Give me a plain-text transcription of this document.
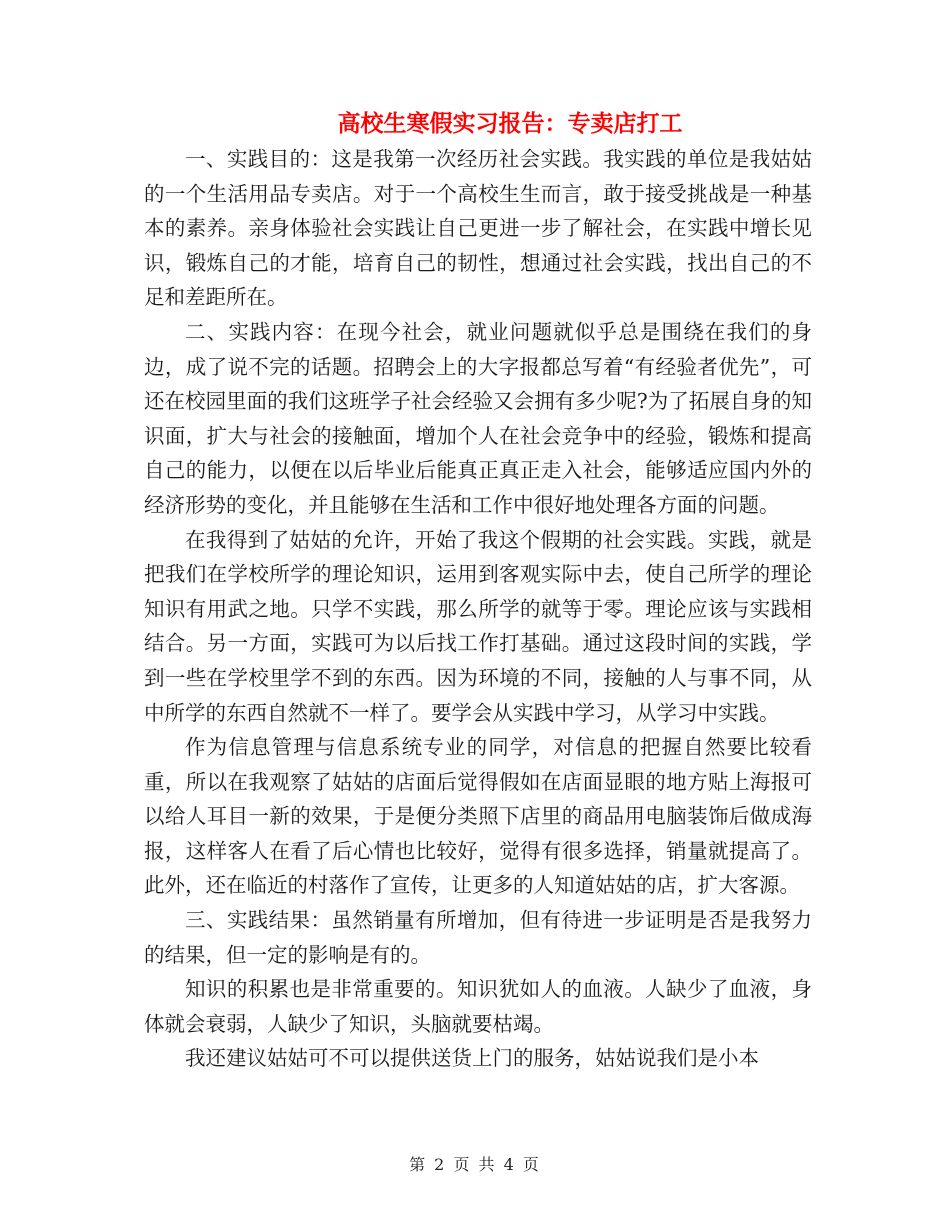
高校生寒假实习报告：专卖店打工

一、实践目的：这是我第一次经历社会实践。我实践的单位是我姑姑的一个生活用品专卖店。对于一个高校生生而言，敢于接受挑战是一种基本的素养。亲身体验社会实践让自己更进一步了解社会，在实践中增长见识，锻炼自己的才能，培育自己的韧性，想通过社会实践，找出自己的不足和差距所在。

二、实践内容：在现今社会，就业问题就似乎总是围绕在我们的身边，成了说不完的话题。招聘会上的大字报都总写着“有经验者优先”，可还在校园里面的我们这班学子社会经验又会拥有多少呢?为了拓展自身的知识面，扩大与社会的接触面，增加个人在社会竞争中的经验，锻炼和提高自己的能力，以便在以后毕业后能真正真正走入社会，能够适应国内外的经济形势的变化，并且能够在生活和工作中很好地处理各方面的问题。

在我得到了姑姑的允许，开始了我这个假期的社会实践。实践，就是把我们在学校所学的理论知识，运用到客观实际中去，使自己所学的理论知识有用武之地。只学不实践，那么所学的就等于零。理论应该与实践相结合。另一方面，实践可为以后找工作打基础。通过这段时间的实践，学到一些在学校里学不到的东西。因为环境的不同，接触的人与事不同，从中所学的东西自然就不一样了。要学会从实践中学习，从学习中实践。

作为信息管理与信息系统专业的同学，对信息的把握自然要比较看重，所以在我观察了姑姑的店面后觉得假如在店面显眼的地方贴上海报可以给人耳目一新的效果，于是便分类照下店里的商品用电脑装饰后做成海报，这样客人在看了后心情也比较好，觉得有很多选择，销量就提高了。此外，还在临近的村落作了宣传，让更多的人知道姑姑的店，扩大客源。

三、实践结果：虽然销量有所增加，但有待进一步证明是否是我努力的结果，但一定的影响是有的。

知识的积累也是非常重要的。知识犹如人的血液。人缺少了血液，身体就会衰弱，人缺少了知识，头脑就要枯竭。

我还建议姑姑可不可以提供送货上门的服务，姑姑说我们是小本

第 2 页 共 4 页
